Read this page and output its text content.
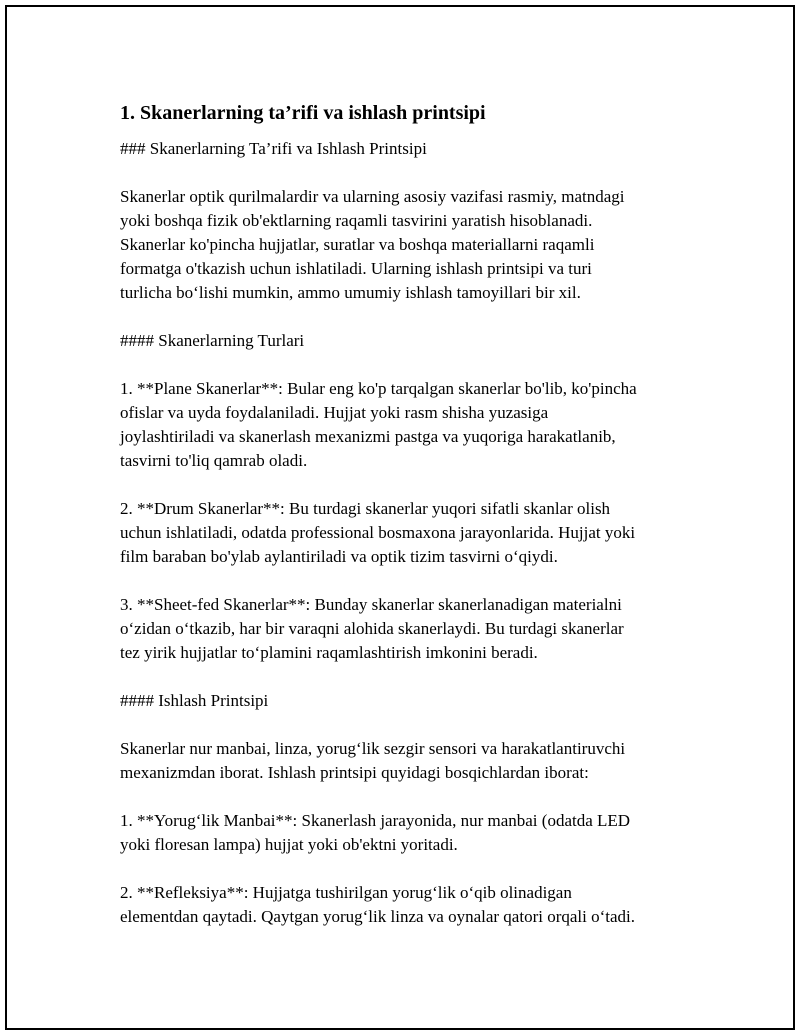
1. Skanerlarning ta’rifi va ishlash printsipi
### Skanerlarning Ta’rifi va Ishlash Printsipi
Skanerlar optik qurilmalardir va ularning asosiy vazifasi rasmiy, matndagi
yoki boshqa fizik ob'ektlarning raqamli tasvirini yaratish hisoblanadi.
Skanerlar ko'pincha hujjatlar, suratlar va boshqa materiallarni raqamli
formatga o'tkazish uchun ishlatiladi. Ularning ishlash printsipi va turi
turlicha bo‘lishi mumkin, ammo umumiy ishlash tamoyillari bir xil.
#### Skanerlarning Turlari
1. **Plane Skanerlar**: Bular eng ko'p tarqalgan skanerlar bo'lib, ko'pincha
ofislar va uyda foydalaniladi. Hujjat yoki rasm shisha yuzasiga
joylashtiriladi va skanerlash mexanizmi pastga va yuqoriga harakatlanib,
tasvirni to'liq qamrab oladi.
2. **Drum Skanerlar**: Bu turdagi skanerlar yuqori sifatli skanlar olish
uchun ishlatiladi, odatda professional bosmaxona jarayonlarida. Hujjat yoki
film baraban bo'ylab aylantiriladi va optik tizim tasvirni o‘qiydi.
3. **Sheet-fed Skanerlar**: Bunday skanerlar skanerlanadigan materialni
o‘zidan o‘tkazib, har bir varaqni alohida skanerlaydi. Bu turdagi skanerlar
tez yirik hujjatlar to‘plamini raqamlashtirish imkonini beradi.
#### Ishlash Printsipi
Skanerlar nur manbai, linza, yorug‘lik sezgir sensori va harakatlantiruvchi
mexanizmdan iborat. Ishlash printsipi quyidagi bosqichlardan iborat:
1. **Yorug‘lik Manbai**: Skanerlash jarayonida, nur manbai (odatda LED
yoki floresan lampa) hujjat yoki ob'ektni yoritadi.
2. **Refleksiya**: Hujjatga tushirilgan yorug‘lik o‘qib olinadigan
elementdan qaytadi. Qaytgan yorug‘lik linza va oynalar qatori orqali o‘tadi.
